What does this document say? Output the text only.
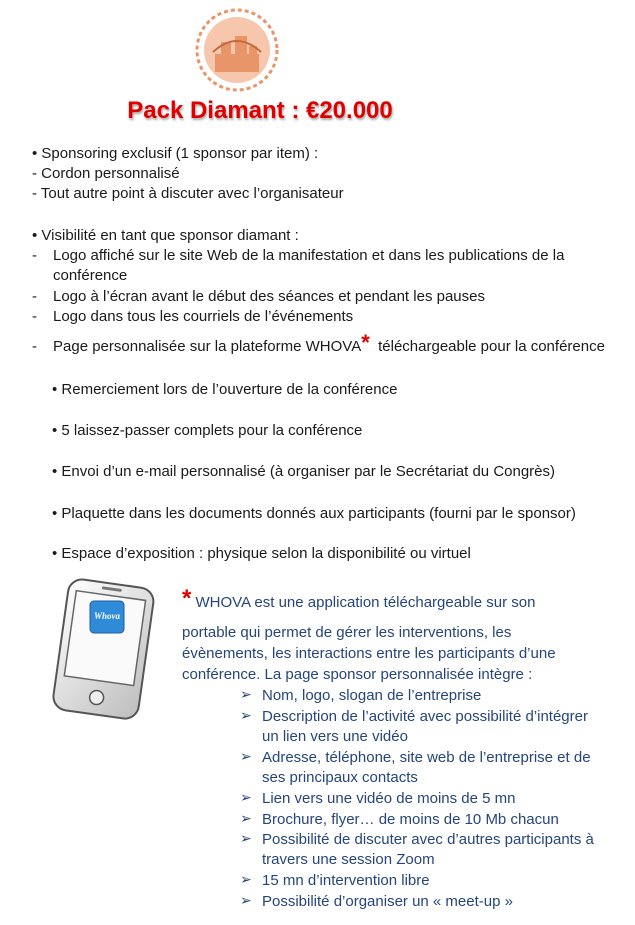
Pack Diamant : €20.000
• Sponsoring exclusif (1 sponsor par item) :
- Cordon personnalisé
- Tout autre point à discuter avec l’organisateur
• Visibilité en tant que sponsor diamant :
- Logo affiché sur le site Web de la manifestation et dans les publications de la
conférence
- Logo à l’écran avant le début des séances et pendant les pauses
- Logo dans tous les courriels de l’événements
- Page personnalisée sur la plateforme WHOVA* téléchargeable pour la conférence
• Remerciement lors de l’ouverture de la conférence
• 5 laissez-passer complets pour la conférence
• Envoi d’un e-mail personnalisé (à organiser par le Secrétariat du Congrès)
• Plaquette dans les documents donnés aux participants (fourni par le sponsor)
• Espace d’exposition : physique selon la disponibilité ou virtuel
Whova
* WHOVA est une application téléchargeable sur son
portable qui permet de gérer les interventions, les
évènements, les interactions entre les participants d’une
conférence. La page sponsor personnalisée intègre :
➢ Nom, logo, slogan de l’entreprise
➢ Description de l’activité avec possibilité d’intégrer
un lien vers une vidéo
➢ Adresse, téléphone, site web de l’entreprise et de
ses principaux contacts
➢ Lien vers une vidéo de moins de 5 mn
➢ Brochure, flyer… de moins de 10 Mb chacun
➢ Possibilité de discuter avec d’autres participants à
travers une session Zoom
➢ 15 mn d’intervention libre
➢ Possibilité d’organiser un « meet-up »
